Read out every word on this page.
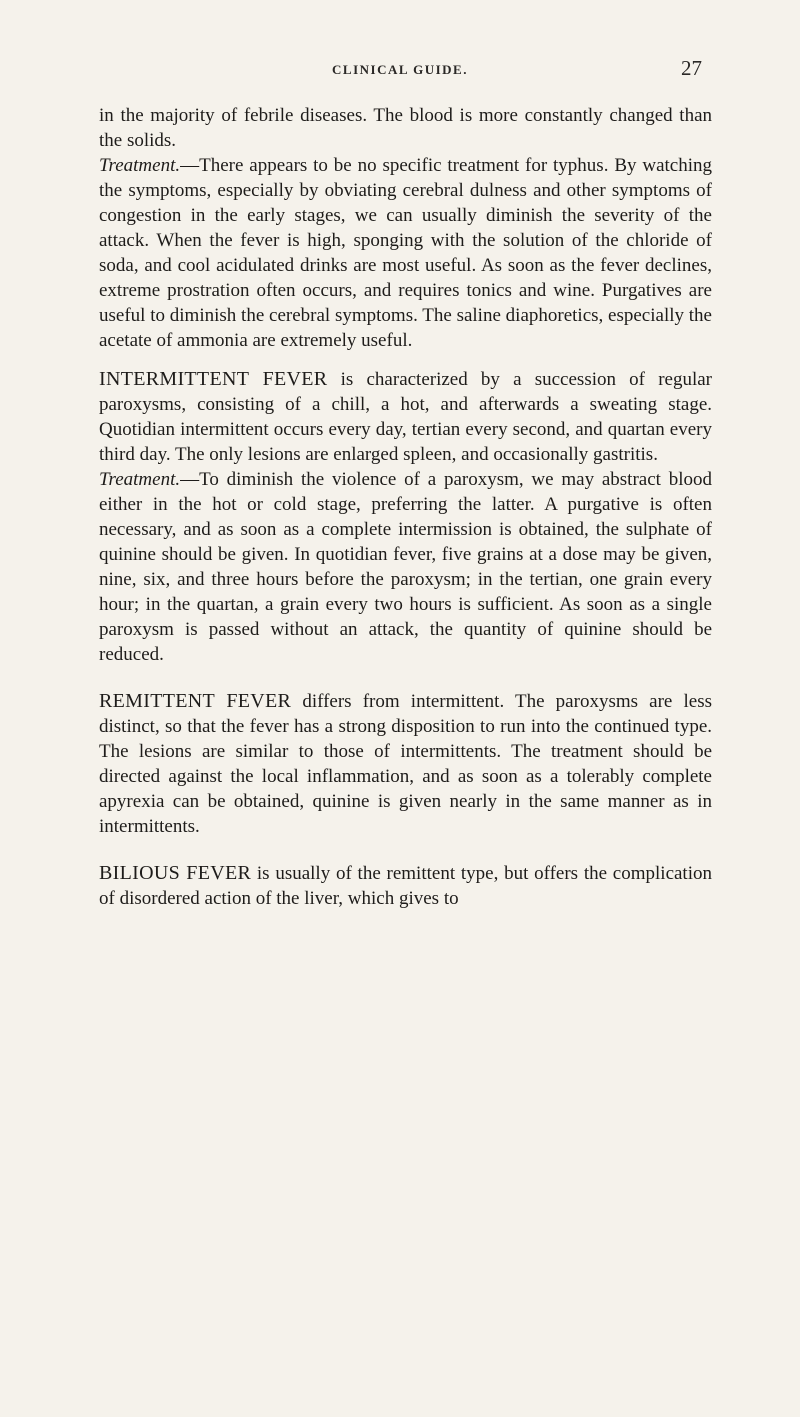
CLINICAL GUIDE.	27

in the majority of febrile diseases. The blood is more constantly changed than the solids.

Treatment.—There appears to be no specific treatment for typhus. By watching the symptoms, especially by obviating cerebral dulness and other symptoms of congestion in the early stages, we can usually diminish the severity of the attack. When the fever is high, sponging with the solution of the chloride of soda, and cool acidulated drinks are most useful. As soon as the fever declines, extreme prostration often occurs, and requires tonics and wine. Purgatives are useful to diminish the cerebral symptoms. The saline diaphoretics, especially the acetate of ammonia are extremely useful.

INTERMITTENT FEVER is characterized by a succession of regular paroxysms, consisting of a chill, a hot, and afterwards a sweating stage. Quotidian intermittent occurs every day, tertian every second, and quartan every third day. The only lesions are enlarged spleen, and occasionally gastritis.

Treatment.—To diminish the violence of a paroxysm, we may abstract blood either in the hot or cold stage, preferring the latter. A purgative is often necessary, and as soon as a complete intermission is obtained, the sulphate of quinine should be given. In quotidian fever, five grains at a dose may be given, nine, six, and three hours before the paroxysm; in the tertian, one grain every hour; in the quartan, a grain every two hours is sufficient. As soon as a single paroxysm is passed without an attack, the quantity of quinine should be reduced.

REMITTENT FEVER differs from intermittent. The paroxysms are less distinct, so that the fever has a strong disposition to run into the continued type. The lesions are similar to those of intermittents. The treatment should be directed against the local inflammation, and as soon as a tolerably complete apyrexia can be obtained, quinine is given nearly in the same manner as in intermittents.

BILIOUS FEVER is usually of the remittent type, but offers the complication of disordered action of the liver, which gives to
